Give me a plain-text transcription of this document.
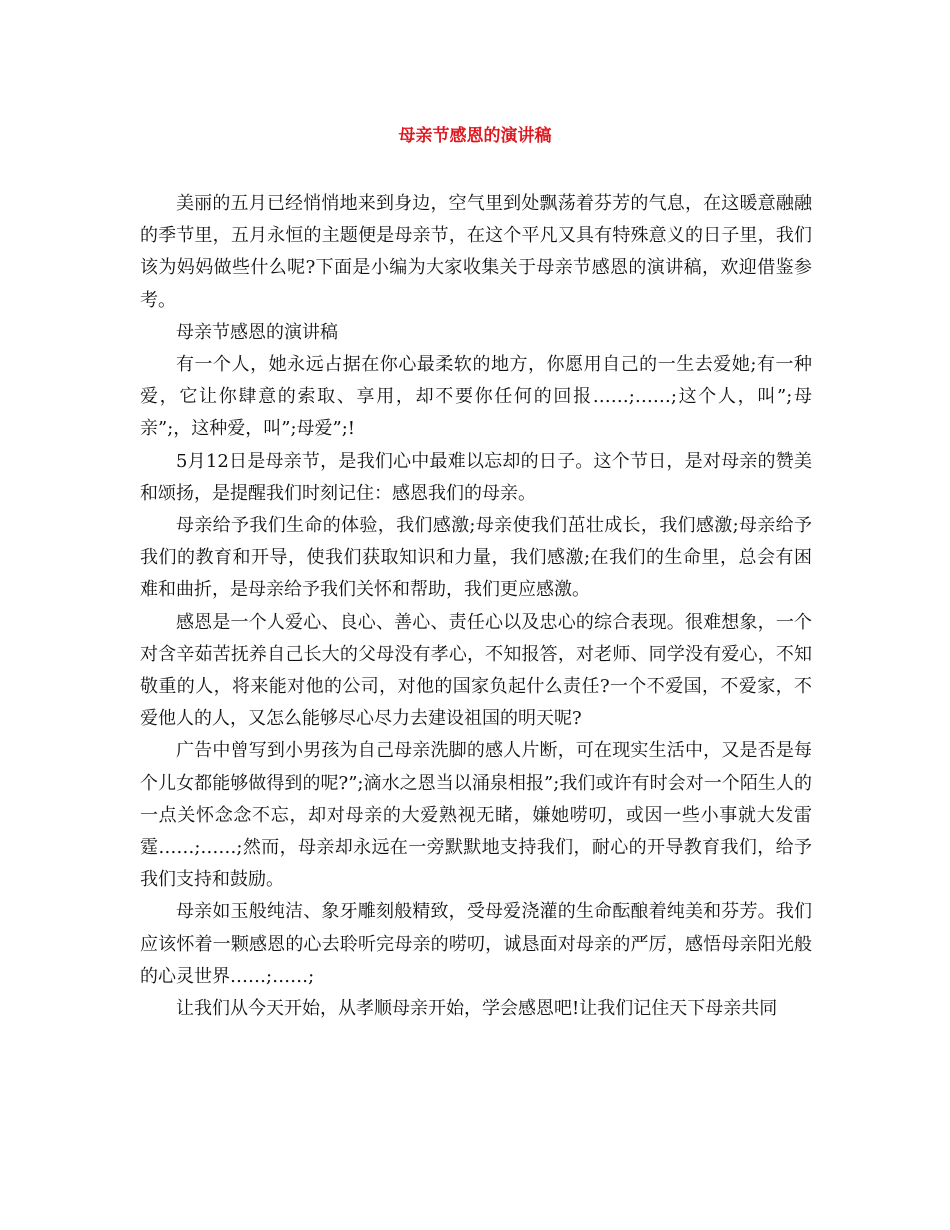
母亲节感恩的演讲稿

美丽的五月已经悄悄地来到身边，空气里到处飘荡着芬芳的气息，在这暖意融融的季节里，五月永恒的主题便是母亲节，在这个平凡又具有特殊意义的日子里，我们该为妈妈做些什么呢?下面是小编为大家收集关于母亲节感恩的演讲稿，欢迎借鉴参考。

母亲节感恩的演讲稿

有一个人，她永远占据在你心最柔软的地方，你愿用自己的一生去爱她;有一种爱，它让你肆意的索取、享用，却不要你任何的回报……;……;这个人，叫”;母亲”;，这种爱，叫”;母爱”;!

5月12日是母亲节，是我们心中最难以忘却的日子。这个节日，是对母亲的赞美和颂扬，是提醒我们时刻记住：感恩我们的母亲。

母亲给予我们生命的体验，我们感激;母亲使我们茁壮成长，我们感激;母亲给予我们的教育和开导，使我们获取知识和力量，我们感激;在我们的生命里，总会有困难和曲折，是母亲给予我们关怀和帮助，我们更应感激。

感恩是一个人爱心、良心、善心、责任心以及忠心的综合表现。很难想象，一个对含辛茹苦抚养自己长大的父母没有孝心，不知报答，对老师、同学没有爱心，不知敬重的人，将来能对他的公司，对他的国家负起什么责任?一个不爱国，不爱家，不爱他人的人，又怎么能够尽心尽力去建设祖国的明天呢?

广告中曾写到小男孩为自己母亲洗脚的感人片断，可在现实生活中，又是否是每个儿女都能够做得到的呢?”;滴水之恩当以涌泉相报”;我们或许有时会对一个陌生人的一点关怀念念不忘，却对母亲的大爱熟视无睹，嫌她唠叨，或因一些小事就大发雷霆……;……;然而，母亲却永远在一旁默默地支持我们，耐心的开导教育我们，给予我们支持和鼓励。

母亲如玉般纯洁、象牙雕刻般精致，受母爱浇灌的生命酝酿着纯美和芬芳。我们应该怀着一颗感恩的心去聆听完母亲的唠叨，诚恳面对母亲的严厉，感悟母亲阳光般的心灵世界……;……;

让我们从今天开始，从孝顺母亲开始，学会感恩吧!让我们记住天下母亲共同
